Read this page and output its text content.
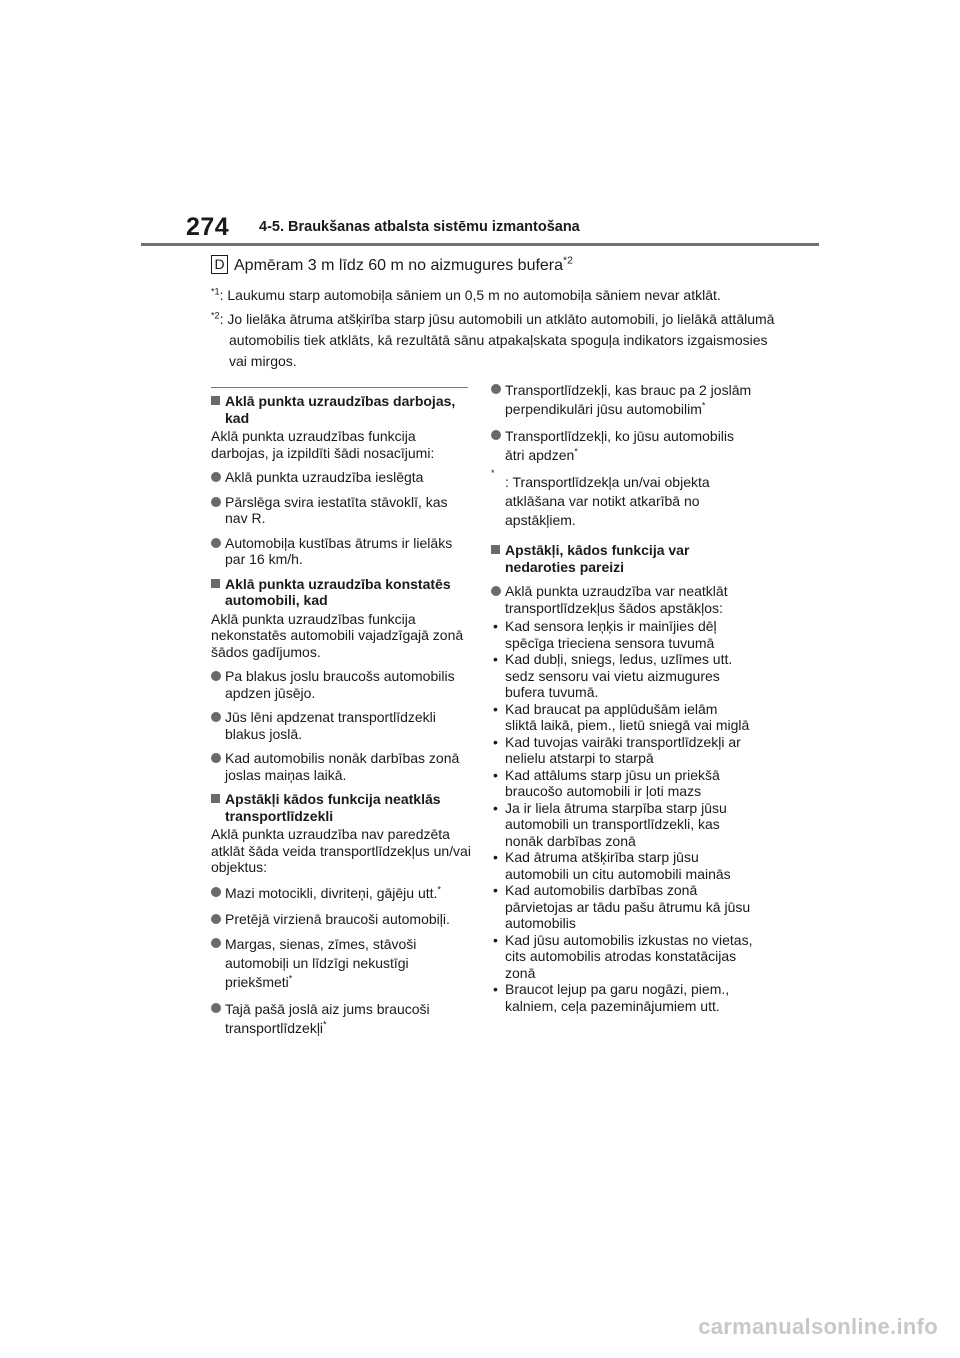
274 4-5. Braukšanas atbalsta sistēmu izmantošana
D Apmēram 3 m līdz 60 m no aizmugures bufera$^{*2}$
$^{*1}$: Laukumu starp automobiļa sāniem un 0,5 m no automobiļa sāniem nevar atklāt.
$^{*2}$: Jo lielāka ātruma atšķirība starp jūsu automobili un atklāto automobili, jo lielākā attālumā automobilis tiek atklāts, kā rezultātā sānu atpakaļskata spoguļa indikators izgaismosies vai mirgos.
Aklā punkta uzraudzības darbojas, kad
Aklā punkta uzraudzības funkcija darbojas, ja izpildīti šādi nosacījumi:
Aklā punkta uzraudzība ieslēgta
Pārslēga svira iestatīta stāvoklī, kas nav R.
Automobiļa kustības ātrums ir lielāks par 16 km/h.
Aklā punkta uzraudzība konstatēs automobili, kad
Aklā punkta uzraudzības funkcija nekonstatēs automobili vajadzīgajā zonā šādos gadījumos.
Pa blakus joslu braucošs automobilis apdzen jūsējo.
Jūs lēni apdzenat transportlīdzekli blakus joslā.
Kad automobilis nonāk darbības zonā joslas maiņas laikā.
Apstākļi kādos funkcija neatklās transportlīdzekli
Aklā punkta uzraudzība nav paredzēta atklāt šāda veida transportlīdzekļus un/vai objektus:
Mazi motocikli, divriteņi, gājēju utt.*
Pretējā virzienā braucoši automobiļi.
Margas, sienas, zīmes, stāvoši automobiļi un līdzīgi nekustīgi priekšmeti*
Tajā pašā joslā aiz jums braucoši transportlīdzekļi*
Transportlīdzekļi, kas brauc pa 2 joslām perpendikulāri jūsu automobilim*
Transportlīdzekļi, ko jūsu automobilis ātri apdzen*
*
: Transportlīdzekļa un/vai objekta atklāšana var notikt atkarībā no apstākļiem.
Apstākļi, kādos funkcija var nedaroties pareizi
Aklā punkta uzraudzība var neatklāt transportlīdzekļus šādos apstākļos:
• Kad sensora leņķis ir mainījies dēļ spēcīga trieciena sensora tuvumā
• Kad dubļi, sniegs, ledus, uzlīmes utt. sedz sensoru vai vietu aizmugures bufera tuvumā.
• Kad braucat pa applūdušām ielām sliktā laikā, piem., lietū sniegā vai miglā
• Kad tuvojas vairāki transportlīdzekļi ar nelielu atstarpi to starpā
• Kad attālums starp jūsu un priekšā braucošo automobili ir ļoti mazs
• Ja ir liela ātruma starpība starp jūsu automobili un transportlīdzekli, kas nonāk darbības zonā
• Kad ātruma atšķirība starp jūsu automobili un citu automobili mainās
• Kad automobilis darbības zonā pārvietojas ar tādu pašu ātrumu kā jūsu automobilis
• Kad jūsu automobilis izkustas no vietas, cits automobilis atrodas konstatācijas zonā
• Braucot lejup pa garu nogāzi, piem., kalniem, ceļa pazeminājumiem utt.
carmanualsonline.info
